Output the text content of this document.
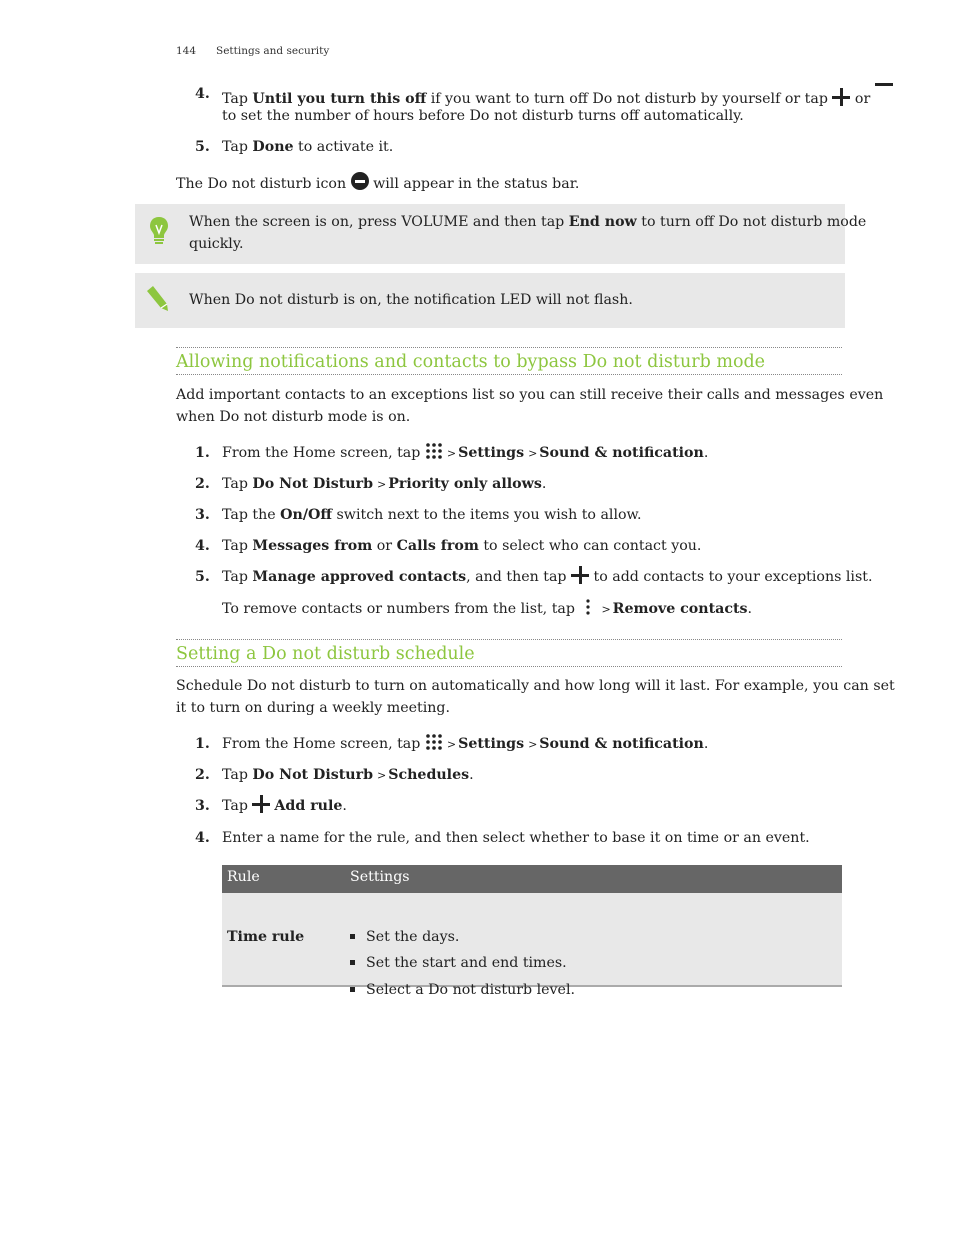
144 Settings and security
4. Tap Until you turn this off if you want to turn off Do not disturb by yourself or tap  or
to set the number of hours before Do not disturb turns off automatically.
5. Tap Done to activate it.
The Do not disturb icon  will appear in the status bar.
When the screen is on, press VOLUME and then tap End now to turn off Do not disturb mode
quickly.
When Do not disturb is on, the notification LED will not flash.
Allowing notifications and contacts to bypass Do not disturb mode
Add important contacts to an exceptions list so you can still receive their calls and messages even
when Do not disturb mode is on.
1. From the Home screen, tap > Settings > Sound & notification.
2. Tap Do Not Disturb > Priority only allows.
3. Tap the On/Off switch next to the items you wish to allow.
4. Tap Messages from or Calls from to select who can contact you.
5. Tap Manage approved contacts, and then tap  to add contacts to your exceptions list.
To remove contacts or numbers from the list, tap > Remove contacts.
Setting a Do not disturb schedule
Schedule Do not disturb to turn on automatically and how long will it last. For example, you can set
it to turn on during a weekly meeting.
1. From the Home screen, tap > Settings > Sound & notification.
2. Tap Do Not Disturb > Schedules.
3. Tap Add rule.
4. Enter a name for the rule, and then select whether to base it on time or an event.
Rule	Settings
Time rule	Set the days.
Set the start and end times.
Select a Do not disturb level.
